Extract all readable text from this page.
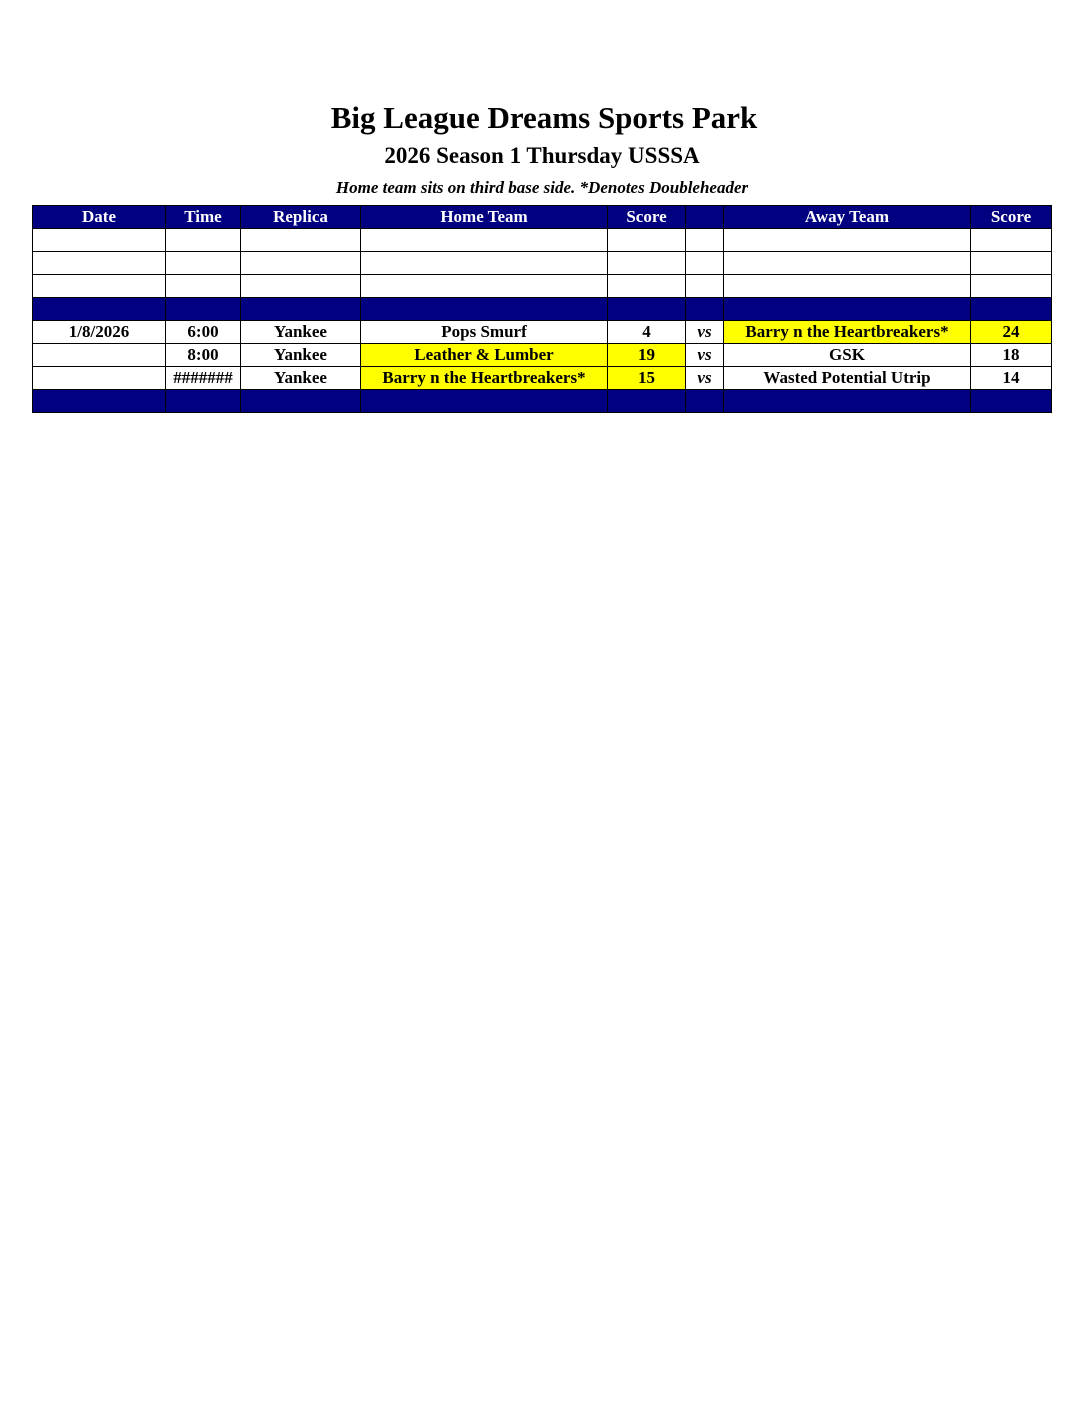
Big League Dreams Sports Park
2026 Season 1 Thursday USSSA
Home team sits on third base side. *Denotes Doubleheader
Date	Time	Replica	Home Team	Score		Away Team	Score

1/8/2026	6:00	Yankee	Pops Smurf	4	vs	Barry n the Heartbreakers*	24
	8:00	Yankee	Leather & Lumber	19	vs	GSK	18
	#######	Yankee	Barry n the Heartbreakers*	15	vs	Wasted Potential Utrip	14
